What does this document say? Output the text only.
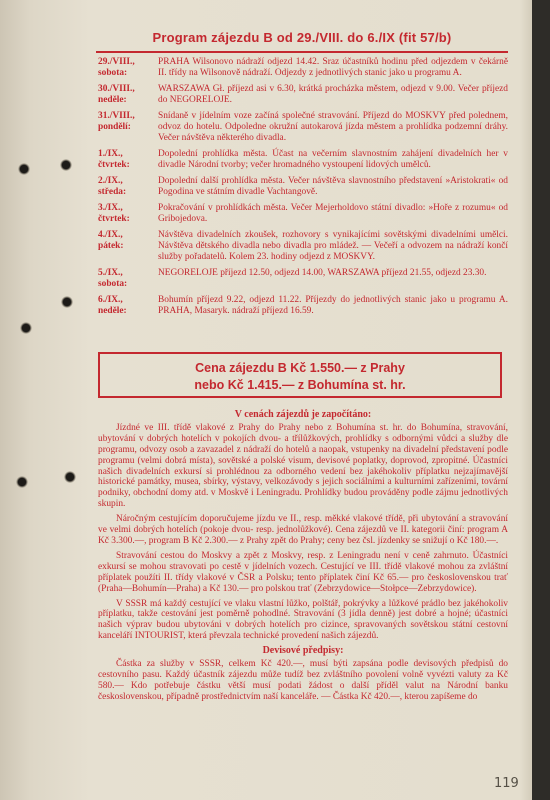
Program zájezdu B od 29./VIII. do 6./IX (fit 57/b)
29./VIII.,
sobota:
PRAHA Wilsonovo nádraží odjezd 14.42. Sraz účastníků hodinu před odjezdem v čekárně II. třídy na Wilsonově nádraží. Odjezdy z jednotlivých stanic jako u programu A.
30./VIII.,
neděle:
WARSZAWA Gł. příjezd asi v 6.30, krátká procházka městem, odjezd v 9.00. Večer příjezd do NEGORELOJE.
31./VIII.,
pondělí:
Snídaně v jídelním voze začíná společné stravování. Příjezd do MOSKVY před polednem, odvoz do hotelu. Odpoledne okružní autokarová jízda městem a prohlídka podzemní dráhy. Večer návštěva některého divadla.
1./IX.,
čtvrtek:
Dopolední prohlídka města. Účast na večerním slavnostním zahájení divadelních her v divadle Národní tvorby; večer hromadného vystoupení lidových umělců.
2./IX.,
středa:
Dopolední další prohlídka města. Večer návštěva slavnostního představení »Aristokrati« od Pogodina ve státním divadle Vachtangově.
3./IX.,
čtvrtek:
Pokračování v prohlídkách města. Večer Mejerholdovo státní divadlo: »Hoře z rozumu« od Gribojedova.
4./IX.,
pátek:
Návštěva divadelních zkoušek, rozhovory s vynikajícími sovětskými divadelními umělci. Návštěva dětského divadla nebo divadla pro mládež. — Večeří a odvozem na nádraží končí služby pořadatelů. Kolem 23. hodiny odjezd z MOSKVY.
5./IX.,
sobota:
NEGORELOJE příjezd 12.50, odjezd 14.00, WARSZAWA příjezd 21.55, odjezd 23.30.
6./IX.,
neděle:
Bohumín příjezd 9.22, odjezd 11.22. Příjezdy do jednotlivých stanic jako u programu A. PRAHA, Masaryk. nádraží příjezd 16.59.
Cena zájezdu B Kč 1.550.— z Prahy
nebo Kč 1.415.— z Bohumína st. hr.
V cenách zájezdů je započítáno:

Jízdné ve III. třídě vlakové z Prahy do Prahy nebo z Bohumína st. hr. do Bohumína, stravování, ubytování v dobrých hotelích v pokojích dvou- a třílůžkových, prohlídky s odbornými vůdci a služby dle programu, odvozy osob a zavazadel z nádraží do hotelů a naopak, vstupenky na divadelní představení podle programu (velmi dobrá místa), sovětské a polské visum, devisové poplatky, doprovod, zpropitné. Účastníci našich divadelních exkursí si prohlédnou za odborného vedení bez jakéhokoliv příplatku nejzajímavější historické památky, musea, sbírky, výstavy, velkozávody s jejich sociálními a kulturními zařízeními, tovární podniky, obchodní domy atd. v Moskvě i Leningradu. Prohlídky budou prováděny podle zájmu jednotlivých skupin.

Náročným cestujícím doporučujeme jízdu ve II., resp. měkké vlakové třídě, při ubytování a stravování ve velmi dobrých hotelích (pokoje dvou- resp. jednolůžkové). Cena zájezdů ve II. kategorii činí: program A Kč 3.300.—, program B Kč 2.300.— z Prahy zpět do Prahy; ceny bez čsl. jízdenky se snižují o Kč 180.—.

Stravování cestou do Moskvy a zpět z Moskvy, resp. z Leningradu není v ceně zahrnuto. Účastníci exkursí se mohou stravovati po cestě v jídelních vozech. Cestující ve III. třídě vlakové mohou za zvláštní příplatek použíti II. třídy vlakové v ČSR a Polsku; tento příplatek činí Kč 65.— pro československou trať (Praha—Bohumín—Praha) a Kč 130.— pro polskou trať (Zebrzydowice—Stołpce—Zebrzydowice).

V SSSR má každý cestující ve vlaku vlastní lůžko, polštář, pokrývky a lůžkové prádlo bez jakéhokoliv příplatku, takže cestování jest poměrně pohodlné. Stravování (3 jídla denně) jest dobré a hojné; účastníci našich výprav budou ubytováni v dobrých hotelích pro cizince, spravovaných sovětskou státní cestovní kanceláří INTOURIST, která převzala technické provedení našich zájezdů.

Devisové předpisy:

Částka za služby v SSSR, celkem Kč 420.—, musí býti zapsána podle devisových předpisů do cestovního pasu. Každý účastník zájezdu může tudíž bez zvláštního povolení volně vyvézti valuty za Kč 580.— Kdo potřebuje částku větší musí podati žádost o další příděl valut na Národní banku československou, případně prostřednictvím naší kanceláře. — Částka Kč 420.—, kterou zapíšeme do

119
